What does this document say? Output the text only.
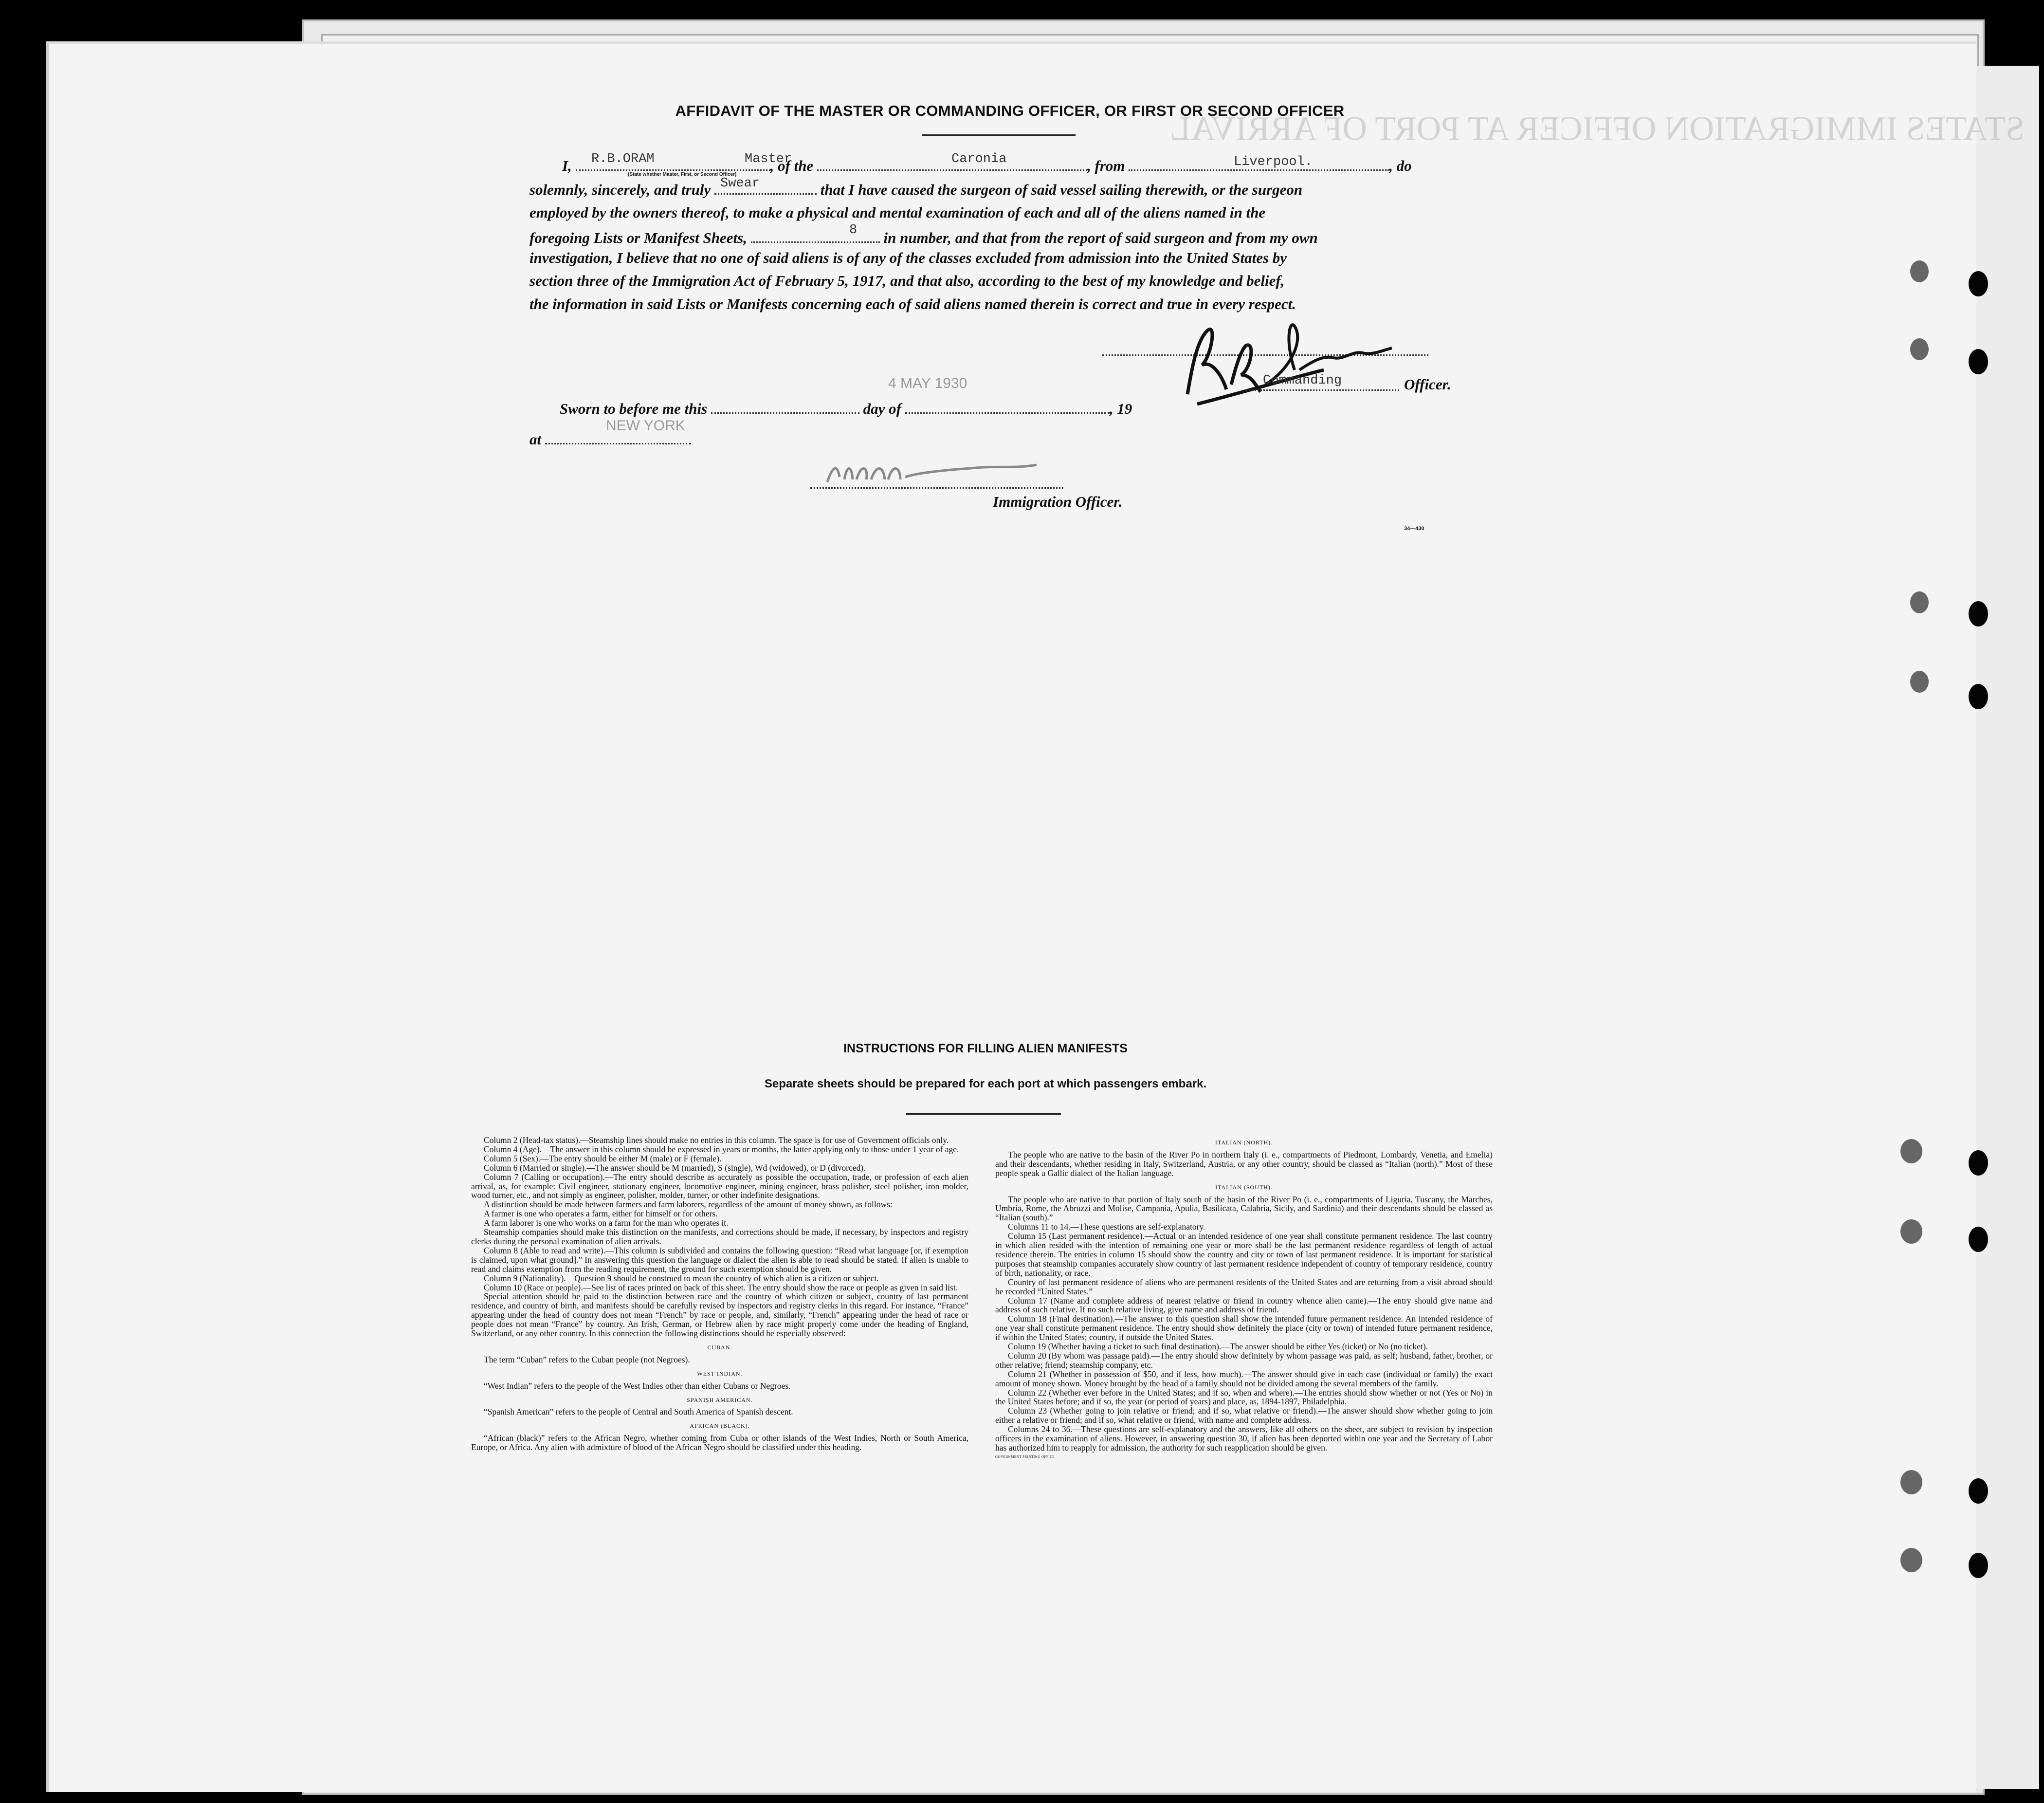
STATES IMMIGRATION OFFICER AT PORT OF ARRIVAL
AFFIDAVIT OF THE MASTER OR COMMANDING OFFICER, OR FIRST OR SECOND OFFICER
I,	, of the	, from	, do
R.B.ORAM	Master
(State whether Master, First, or Second Officer)
Caronia	Liverpool.
solemnly, sincerely, and truly	that I have caused the surgeon of said vessel sailing therewith, or the surgeon
Swear
employed by the owners thereof, to make a physical and mental examination of each and all of the aliens named in the
foregoing Lists or Manifest Sheets,	in number, and that from the report of said surgeon and from my own
8
investigation, I believe that no one of said aliens is of any of the classes excluded from admission into the United States by
section three of the Immigration Act of February 5, 1917, and that also, according to the best of my knowledge and belief,
the information in said Lists or Manifests concerning each of said aliens named therein is correct and true in every respect.
Commanding	Officer.
Sworn to before me this	day of	, 19
4 MAY 1930
at
NEW YORK
Immigration Officer.
34—430
INSTRUCTIONS FOR FILLING ALIEN MANIFESTS
Separate sheets should be prepared for each port at which passengers embark.

Column 2 (Head-tax status).—Steamship lines should make no entries in this column. The space is for use of Government officials only.

Column 4 (Age).—The answer in this column should be expressed in years or months, the latter applying only to those under 1 year of age.

Column 5 (Sex).—The entry should be either M (male) or F (female).

Column 6 (Married or single).—The answer should be M (married), S (single), Wd (widowed), or D (divorced).

Column 7 (Calling or occupation).—The entry should describe as accurately as possible the occupation, trade, or profession of each alien arrival, as, for example: Civil engineer, stationary engineer, locomotive engineer, mining engineer, brass polisher, steel polisher, iron molder, wood turner, etc., and not simply as engineer, polisher, molder, turner, or other indefinite designations.

A distinction should be made between farmers and farm laborers, regardless of the amount of money shown, as follows:

A farmer is one who operates a farm, either for himself or for others.

A farm laborer is one who works on a farm for the man who operates it.

Steamship companies should make this distinction on the manifests, and corrections should be made, if necessary, by inspectors and registry clerks during the personal examination of alien arrivals.

Column 8 (Able to read and write).—This column is subdivided and contains the following question: “Read what language [or, if exemption is claimed, upon what ground].” In answering this question the language or dialect the alien is able to read should be stated. If alien is unable to read and claims exemption from the reading requirement, the ground for such exemption should be given.

Column 9 (Nationality).—Question 9 should be construed to mean the country of which alien is a citizen or subject.

Column 10 (Race or people).—See list of races printed on back of this sheet. The entry should show the race or people as given in said list.

Special attention should be paid to the distinction between race and the country of which citizen or subject, country of last permanent residence, and country of birth, and manifests should be carefully revised by inspectors and registry clerks in this regard. For instance, “France” appearing under the head of country does not mean “French” by race or people, and, similarly, “French” appearing under the head of race or people does not mean “France” by country. An Irish, German, or Hebrew alien by race might properly come under the heading of England, Switzerland, or any other country. In this connection the following distinctions should be especially observed:

CUBAN.

The term “Cuban” refers to the Cuban people (not Negroes).

WEST INDIAN.

“West Indian” refers to the people of the West Indies other than either Cubans or Negroes.

SPANISH AMERICAN.

“Spanish American” refers to the people of Central and South America of Spanish descent.

AFRICAN (BLACK).

“African (black)” refers to the African Negro, whether coming from Cuba or other islands of the West Indies, North or South America, Europe, or Africa. Any alien with admixture of blood of the African Negro should be classified under this heading.

ITALIAN (NORTH).

The people who are native to the basin of the River Po in northern Italy (i. e., compartments of Piedmont, Lombardy, Venetia, and Emelia) and their descendants, whether residing in Italy, Switzerland, Austria, or any other country, should be classed as “Italian (north).” Most of these people speak a Gallic dialect of the Italian language.

ITALIAN (SOUTH).

The people who are native to that portion of Italy south of the basin of the River Po (i. e., compartments of Liguria, Tuscany, the Marches, Umbria, Rome, the Abruzzi and Molise, Campania, Apulia, Basilicata, Calabria, Sicily, and Sardinia) and their descendants should be classed as “Italian (south).”

Columns 11 to 14.—These questions are self-explanatory.

Column 15 (Last permanent residence).—Actual or an intended residence of one year shall constitute permanent residence. The last country in which alien resided with the intention of remaining one year or more shall be the last permanent residence regardless of length of actual residence therein. The entries in column 15 should show the country and city or town of last permanent residence. It is important for statistical purposes that steamship companies accurately show country of last permanent residence independent of country of temporary residence, country of birth, nationality, or race.

Country of last permanent residence of aliens who are permanent residents of the United States and are returning from a visit abroad should be recorded “United States.”

Column 17 (Name and complete address of nearest relative or friend in country whence alien came).—The entry should give name and address of such relative. If no such relative living, give name and address of friend.

Column 18 (Final destination).—The answer to this question shall show the intended future permanent residence. An intended residence of one year shall constitute permanent residence. The entry should show definitely the place (city or town) of intended future permanent residence, if within the United States; country, if outside the United States.

Column 19 (Whether having a ticket to such final destination).—The answer should be either Yes (ticket) or No (no ticket).

Column 20 (By whom was passage paid).—The entry should show definitely by whom passage was paid, as self; husband, father, brother, or other relative; friend; steamship company, etc.

Column 21 (Whether in possession of $50, and if less, how much).—The answer should give in each case (individual or family) the exact amount of money shown. Money brought by the head of a family should not be divided among the several members of the family.

Column 22 (Whether ever before in the United States; and if so, when and where).—The entries should show whether or not (Yes or No) in the United States before; and if so, the year (or period of years) and place, as, 1894-1897, Philadelphia.

Column 23 (Whether going to join relative or friend; and if so, what relative or friend).—The answer should show whether going to join either a relative or friend; and if so, what relative or friend, with name and complete address.

Columns 24 to 36.—These questions are self-explanatory and the answers, like all others on the sheet, are subject to revision by inspection officers in the examination of aliens. However, in answering question 30, if alien has been deported within one year and the Secretary of Labor has authorized him to reapply for admission, the authority for such reapplication should be given.

GOVERNMENT PRINTING OFFICE
